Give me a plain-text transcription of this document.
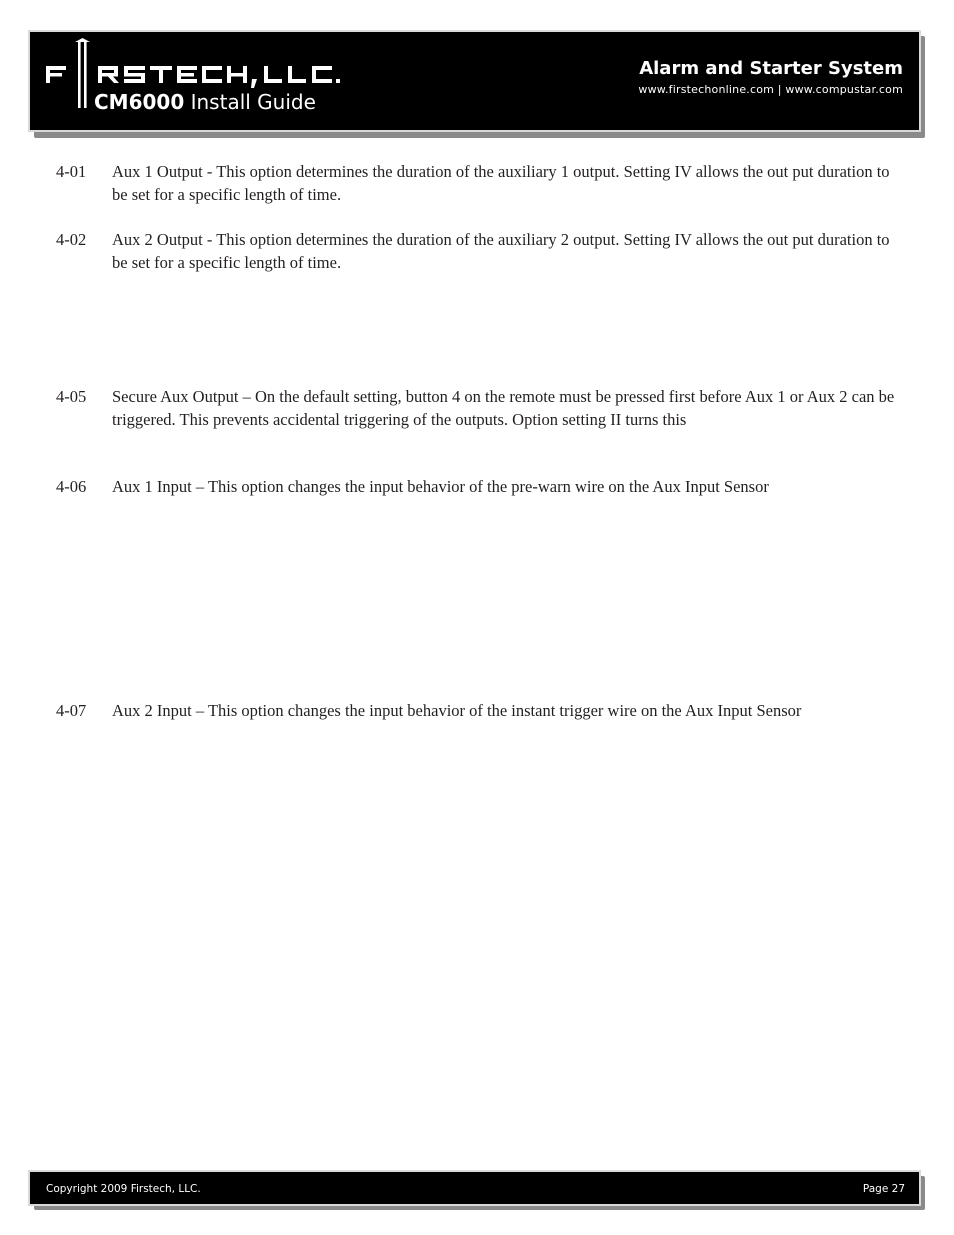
CM6000 Install Guide
Alarm and Starter System
www.firstechonline.com | www.compustar.com
4-01 Aux 1 Output - This option determines the duration of the auxiliary 1 output. Setting IV allows the out put duration to be set for a specific length of time.
4-02 Aux 2 Output - This option determines the duration of the auxiliary 2 output. Setting IV allows the out put duration to be set for a specific length of time.
4-05 Secure Aux Output – On the default setting, button 4 on the remote must be pressed first before Aux 1 or Aux 2 can be triggered. This prevents accidental triggering of the outputs. Option setting II turns this
4-06 Aux 1 Input – This option changes the input behavior of the pre-warn wire on the Aux Input Sensor
4-07 Aux 2 Input – This option changes the input behavior of the instant trigger wire on the Aux Input Sensor
Copyright 2009 Firstech, LLC.	Page 27
